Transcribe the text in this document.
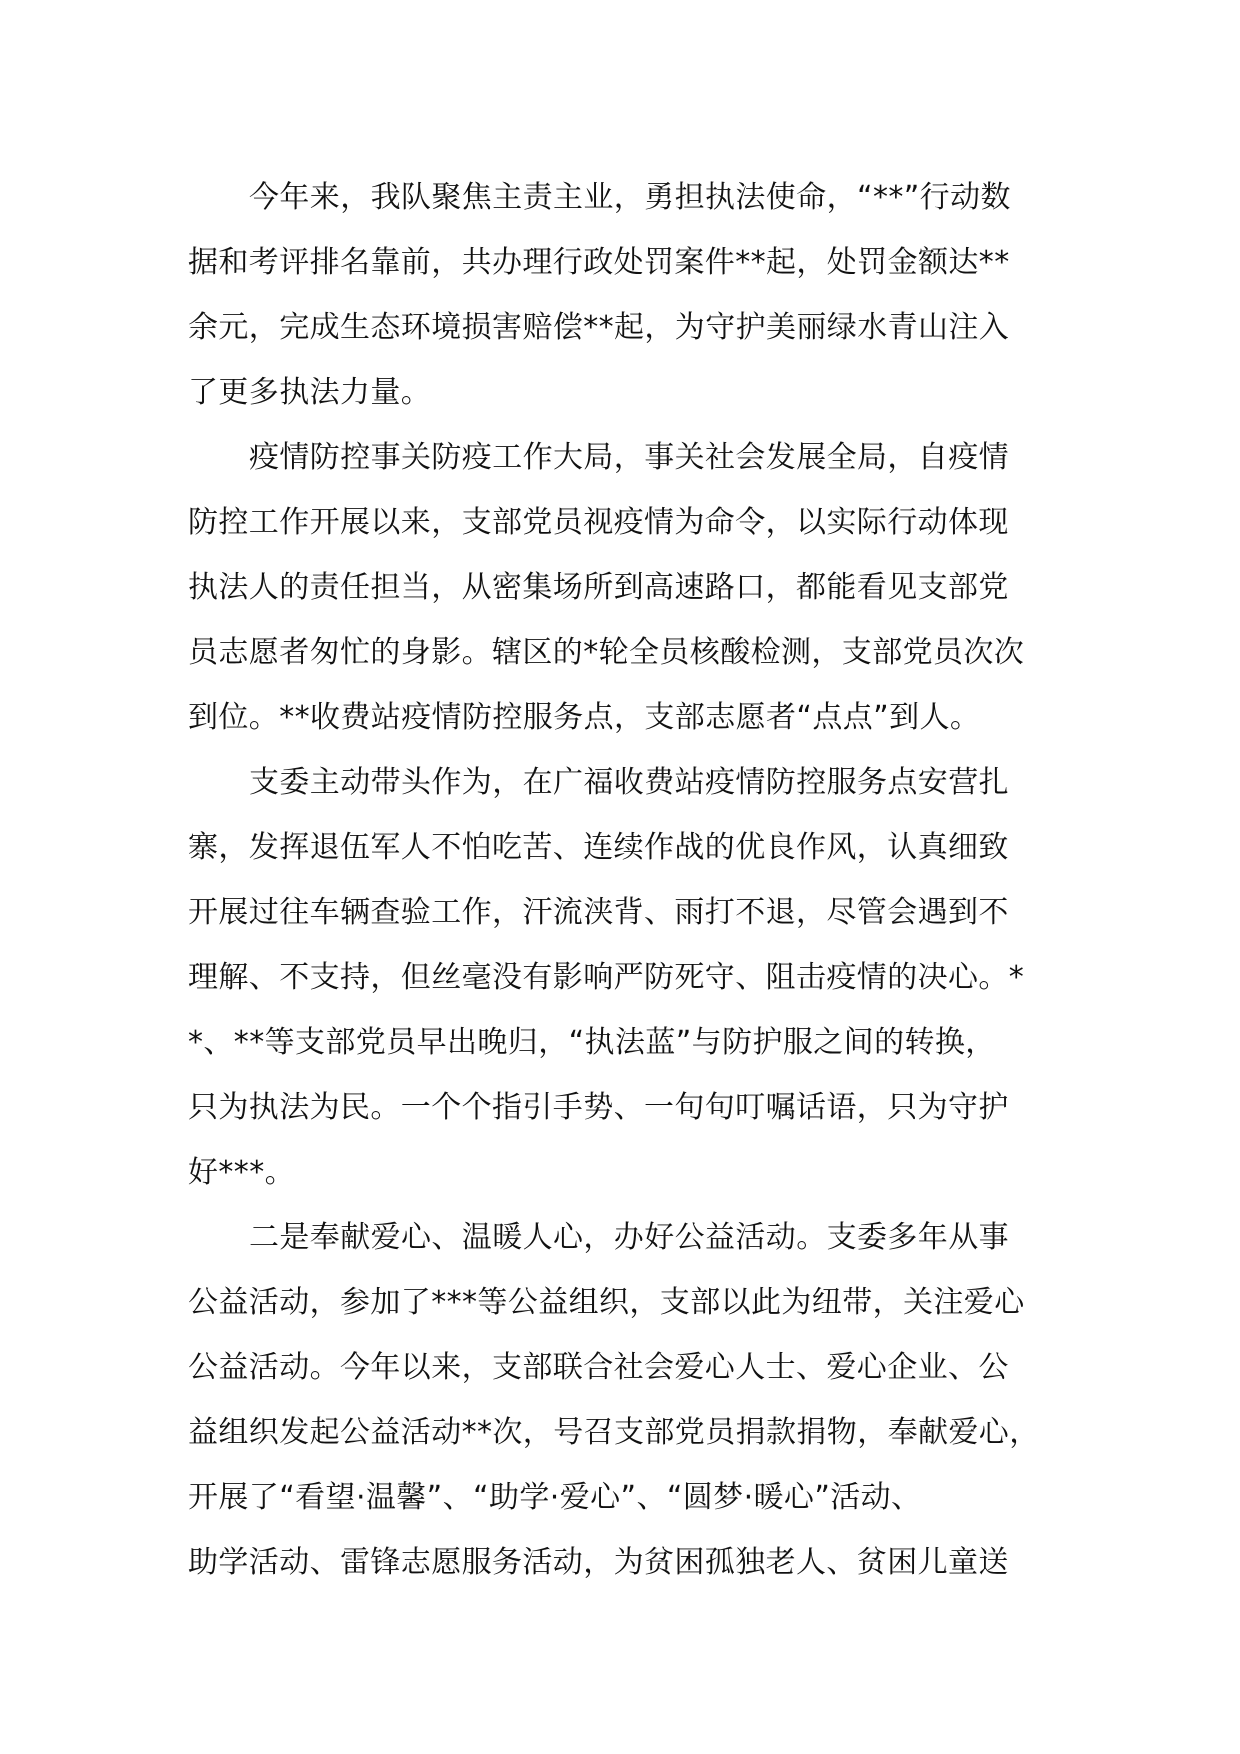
今年来，我队聚焦主责主业，勇担执法使命，“**”行动数
据和考评排名靠前，共办理行政处罚案件**起，处罚金额达**
余元，完成生态环境损害赔偿**起，为守护美丽绿水青山注入
了更多执法力量。
疫情防控事关防疫工作大局，事关社会发展全局，自疫情
防控工作开展以来，支部党员视疫情为命令，以实际行动体现
执法人的责任担当，从密集场所到高速路口，都能看见支部党
员志愿者匆忙的身影。辖区的*轮全员核酸检测，支部党员次次
到位。**收费站疫情防控服务点，支部志愿者“点点”到人。
支委主动带头作为，在广福收费站疫情防控服务点安营扎
寨，发挥退伍军人不怕吃苦、连续作战的优良作风，认真细致
开展过往车辆查验工作，汗流浃背、雨打不退，尽管会遇到不
理解、不支持，但丝毫没有影响严防死守、阻击疫情的决心。*
*、**等支部党员早出晚归，“执法蓝”与防护服之间的转换，
只为执法为民。一个个指引手势、一句句叮嘱话语，只为守护
好***。
二是奉献爱心、温暖人心，办好公益活动。支委多年从事
公益活动，参加了***等公益组织，支部以此为纽带，关注爱心
公益活动。今年以来，支部联合社会爱心人士、爱心企业、公
益组织发起公益活动**次，号召支部党员捐款捐物，奉献爱心，
开展了“看望·温馨”、“助学·爱心”、“圆梦·暖心”活动、
助学活动、雷锋志愿服务活动，为贫困孤独老人、贫困儿童送
